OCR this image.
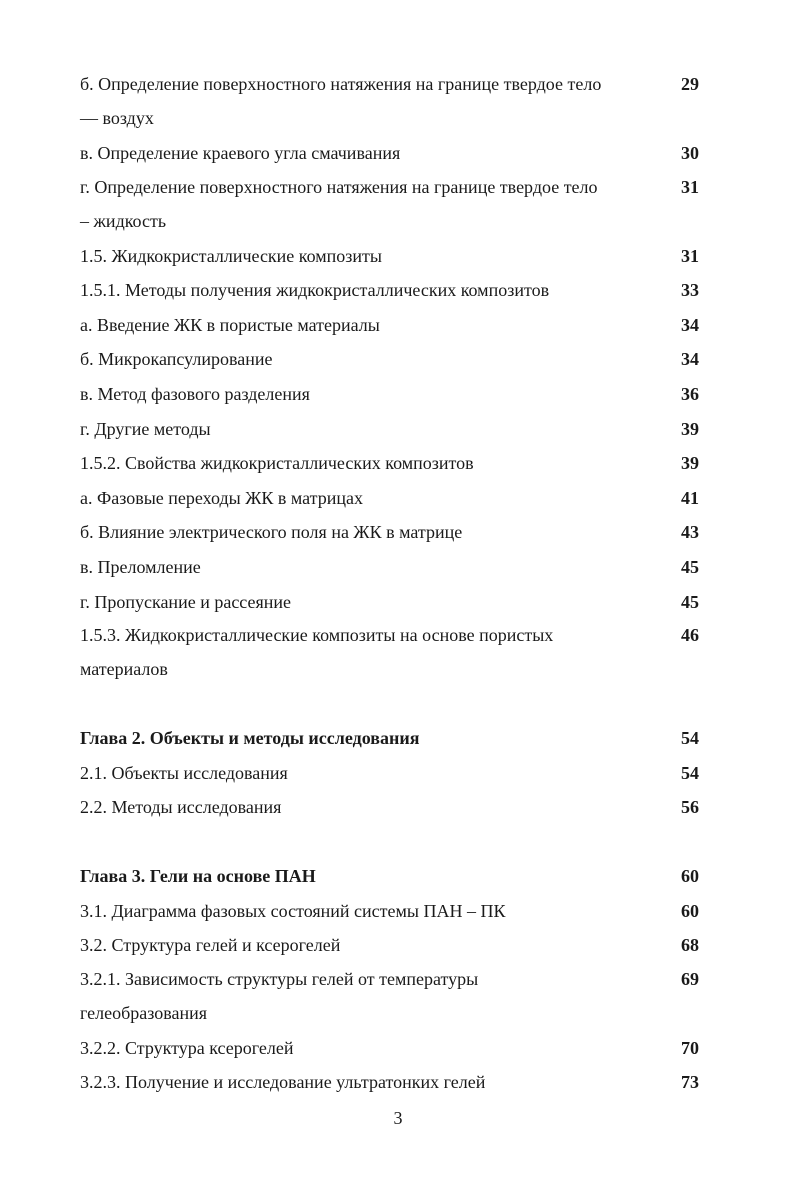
б. Определение поверхностного натяжения на границе твердое тело	29
— воздух
в. Определение краевого угла смачивания	30
г. Определение поверхностного натяжения на границе твердое тело	31
– жидкость
1.5. Жидкокристаллические композиты	31
1.5.1. Методы получения жидкокристаллических композитов	33
а. Введение ЖК в пористые материалы	34
б. Микрокапсулирование	34
в. Метод фазового разделения	36
г. Другие методы	39
1.5.2. Свойства жидкокристаллических композитов	39
а. Фазовые переходы ЖК в матрицах	41
б. Влияние электрического поля на ЖК в матрице	43
в. Преломление	45
г. Пропускание и рассеяние	45
1.5.3. Жидкокристаллические композиты на основе пористых	46
материалов
Глава 2. Объекты и методы исследования	54
2.1. Объекты исследования	54
2.2. Методы исследования	56
Глава 3. Гели на основе ПАН	60
3.1. Диаграмма фазовых состояний системы ПАН – ПК	60
3.2. Структура гелей и ксерогелей	68
3.2.1. Зависимость структуры гелей от температуры	69
гелеобразования
3.2.2. Структура ксерогелей	70
3.2.3. Получение и исследование ультратонких гелей	73
3
